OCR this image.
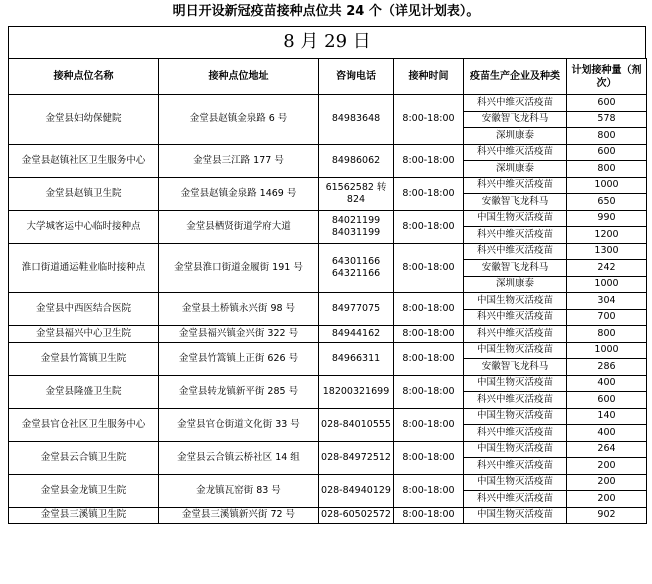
明日开设新冠疫苗接种点位共 24 个（详见计划表）。
8 月 29 日
接种点位名称	接种点位地址	咨询电话	接种时间	疫苗生产企业及种类	计划接种量（剂次）
金堂县妇幼保健院	金堂县赵镇金泉路 6 号	84983648	8:00-18:00	科兴中维灭活疫苗	600
				安徽智飞龙科马	578
				深圳康泰	800
金堂县赵镇社区卫生服务中心	金堂县三江路 177 号	84986062	8:00-18:00	科兴中维灭活疫苗	600
				深圳康泰	800
金堂县赵镇卫生院	金堂县赵镇金泉路 1469 号	61562582 转 824	8:00-18:00	科兴中维灭活疫苗	1000
				安徽智飞龙科马	650
大学城客运中心临时接种点	金堂县栖贤街道学府大道	84021199 84031199	8:00-18:00	中国生物灭活疫苗	990
				科兴中维灭活疫苗	1200
淮口街道通运鞋业临时接种点	金堂县淮口街道金履街 191 号	64301166 64321166	8:00-18:00	科兴中维灭活疫苗	1300
				安徽智飞龙科马	242
				深圳康泰	1000
金堂县中西医结合医院	金堂县土桥镇永兴街 98 号	84977075	8:00-18:00	中国生物灭活疫苗	304
				科兴中维灭活疫苗	700
金堂县福兴中心卫生院	金堂县福兴镇金兴街 322 号	84944162	8:00-18:00	科兴中维灭活疫苗	800
金堂县竹篙镇卫生院	金堂县竹篙镇上正街 626 号	84966311	8:00-18:00	中国生物灭活疫苗	1000
				安徽智飞龙科马	286
金堂县隆盛卫生院	金堂县转龙镇新平街 285 号	18200321699	8:00-18:00	中国生物灭活疫苗	400
				科兴中维灭活疫苗	600
金堂县官仓社区卫生服务中心	金堂县官仓街道文化街 33 号	028-84010555	8:00-18:00	中国生物灭活疫苗	140
				科兴中维灭活疫苗	400
金堂县云合镇卫生院	金堂县云合镇云桥社区 14 组	028-84972512	8:00-18:00	中国生物灭活疫苗	264
				科兴中维灭活疫苗	200
金堂县金龙镇卫生院	金龙镇瓦窑街 83 号	028-84940129	8:00-18:00	中国生物灭活疫苗	200
				科兴中维灭活疫苗	200
金堂县三溪镇卫生院	金堂县三溪镇新兴街 72 号	028-60502572	8:00-18:00	中国生物灭活疫苗	902
